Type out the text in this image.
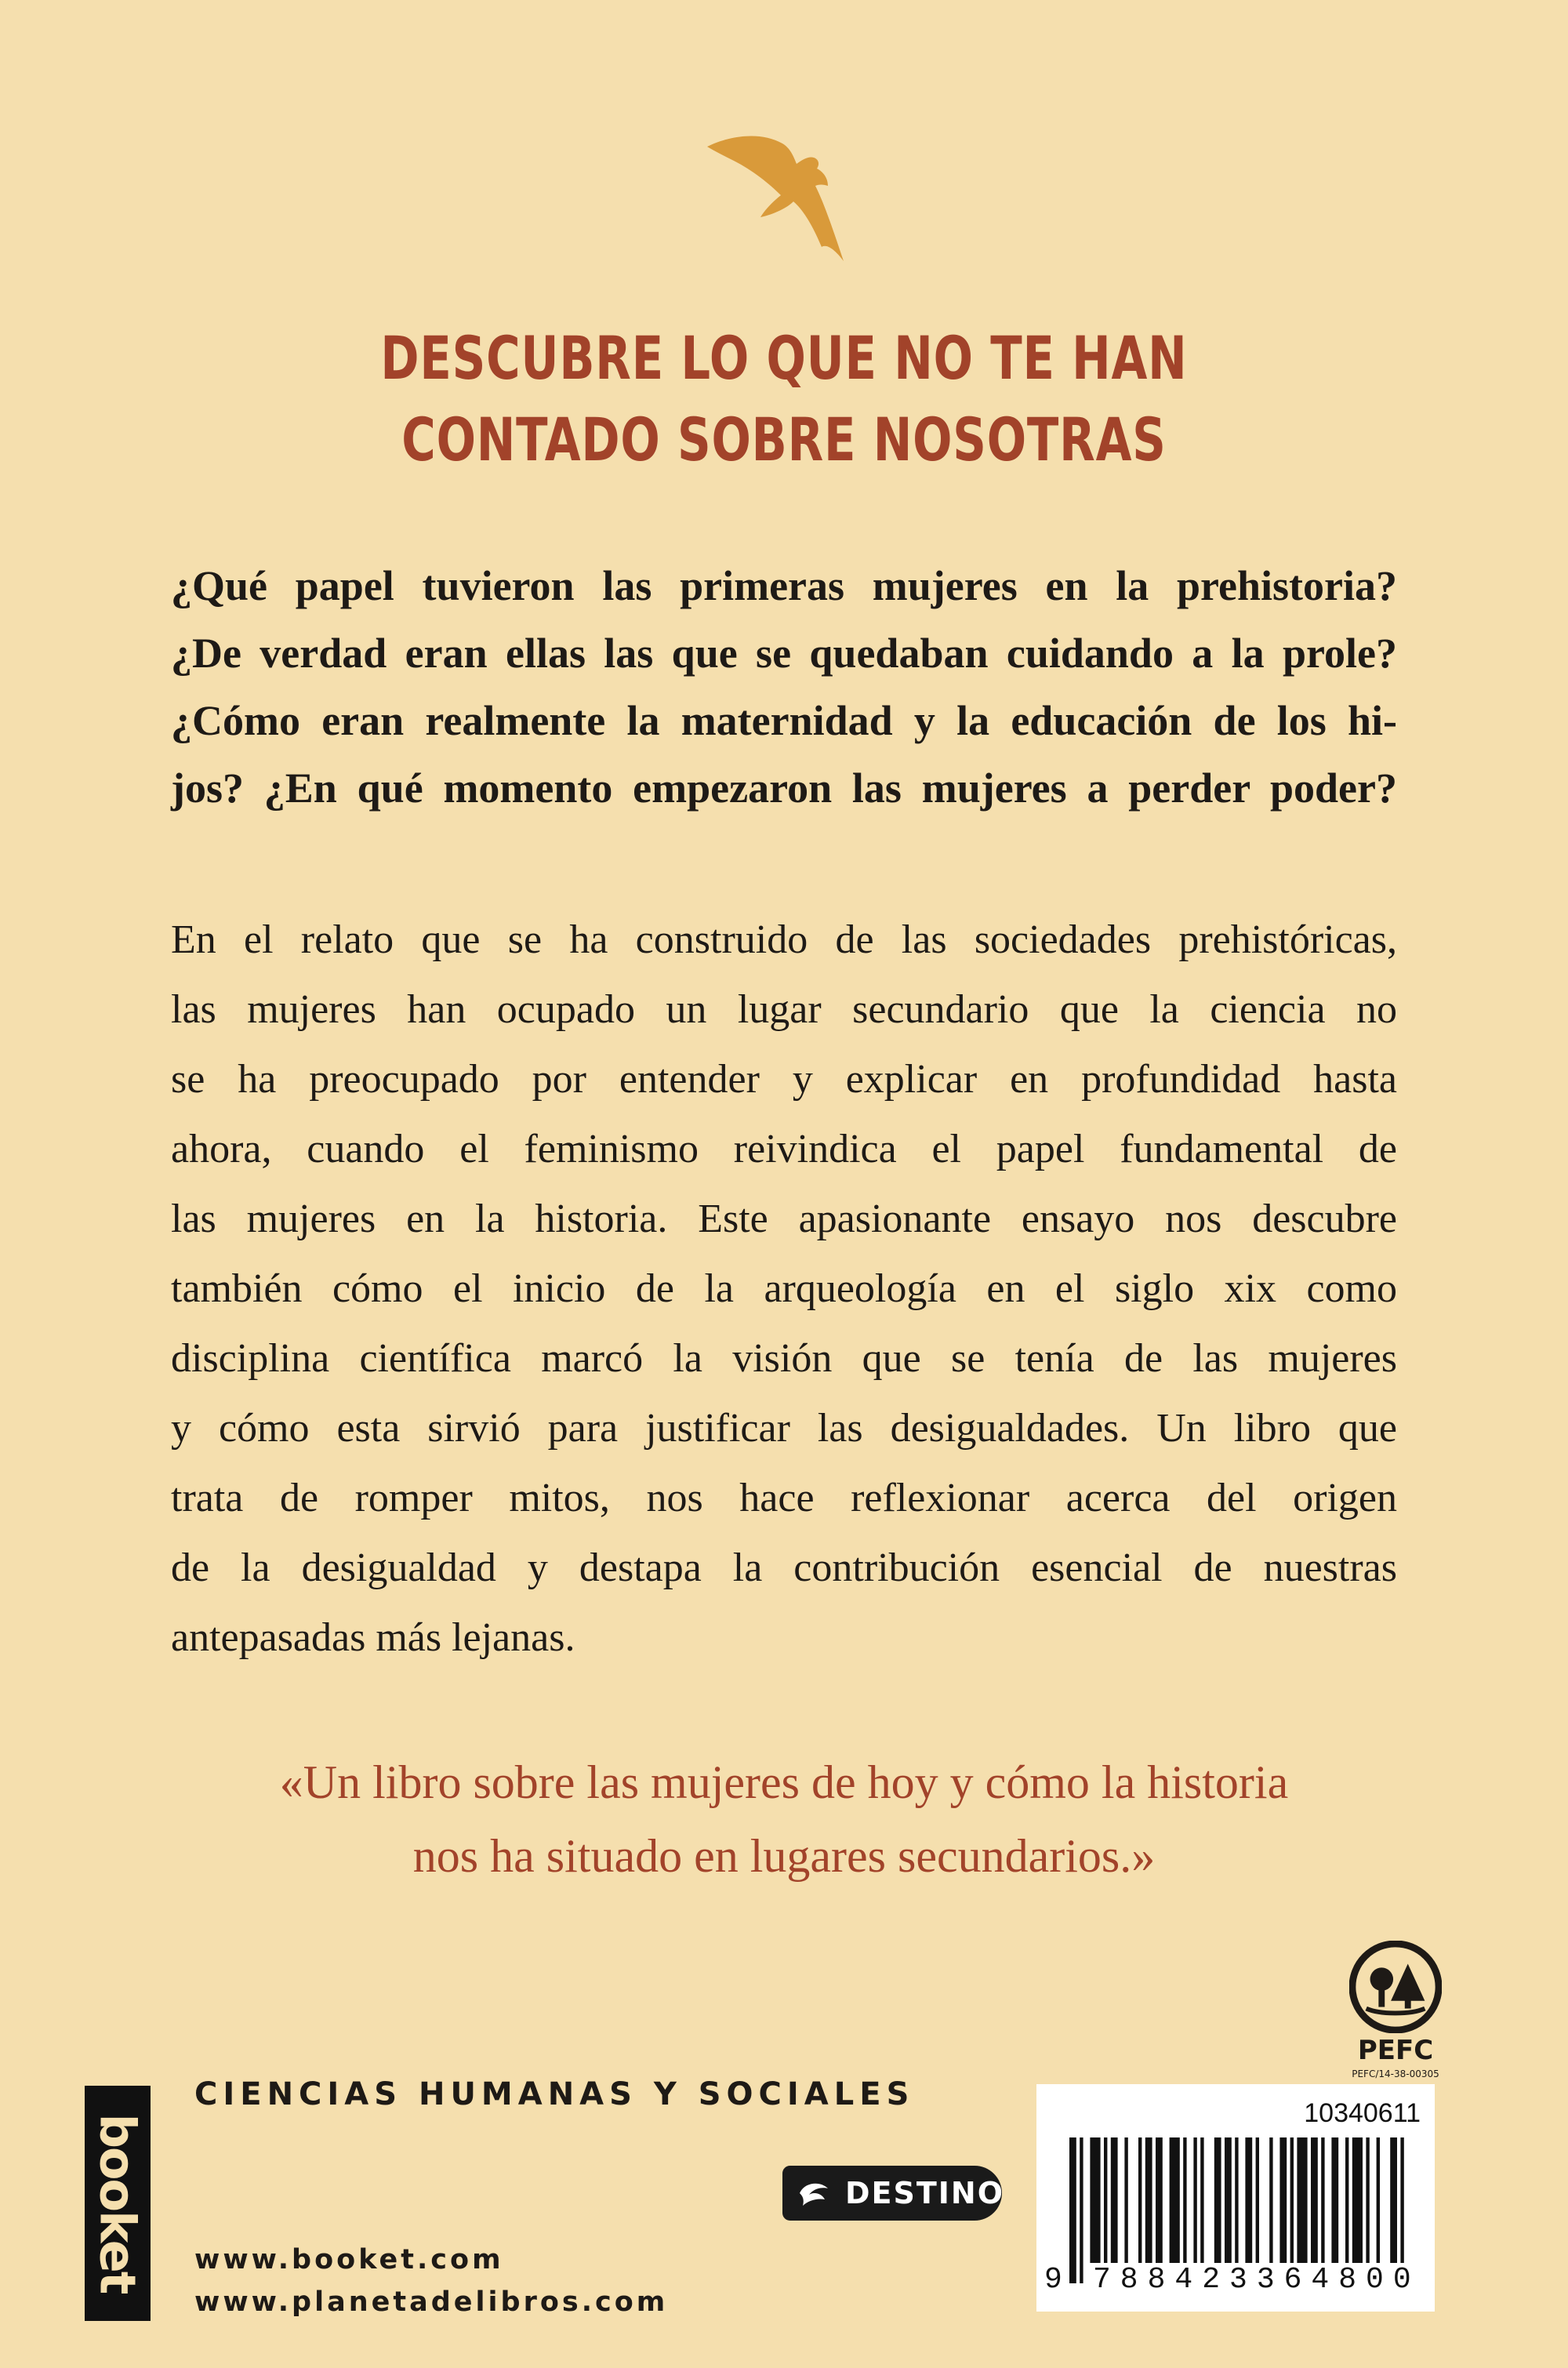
DESCUBRE LO QUE NO TE HAN
CONTADO SOBRE NOSOTRAS
¿Qué papel tuvieron las primeras mujeres en la prehistoria?
¿De verdad eran ellas las que se quedaban cuidando a la prole?
¿Cómo eran realmente la maternidad y la educación de los hi-
jos? ¿En qué momento empezaron las mujeres a perder poder?
En el relato que se ha construido de las sociedades prehistóricas,
las mujeres han ocupado un lugar secundario que la ciencia no
se ha preocupado por entender y explicar en profundidad hasta
ahora, cuando el feminismo reivindica el papel fundamental de
las mujeres en la historia. Este apasionante ensayo nos descubre
también cómo el inicio de la arqueología en el siglo xix como
disciplina científica marcó la visión que se tenía de las mujeres
y cómo esta sirvió para justificar las desigualdades. Un libro que
trata de romper mitos, nos hace reflexionar acerca del origen
de la desigualdad y destapa la contribución esencial de nuestras
antepasadas más lejanas.
«Un libro sobre las mujeres de hoy y cómo la historia
nos ha situado en lugares secundarios.»
PEFC
PEFC/14-38-00305
CIENCIAS HUMANAS Y SOCIALES
booket www.booket.com
www.planetadelibros.com
DESTINO
10340611
9 788423364800
